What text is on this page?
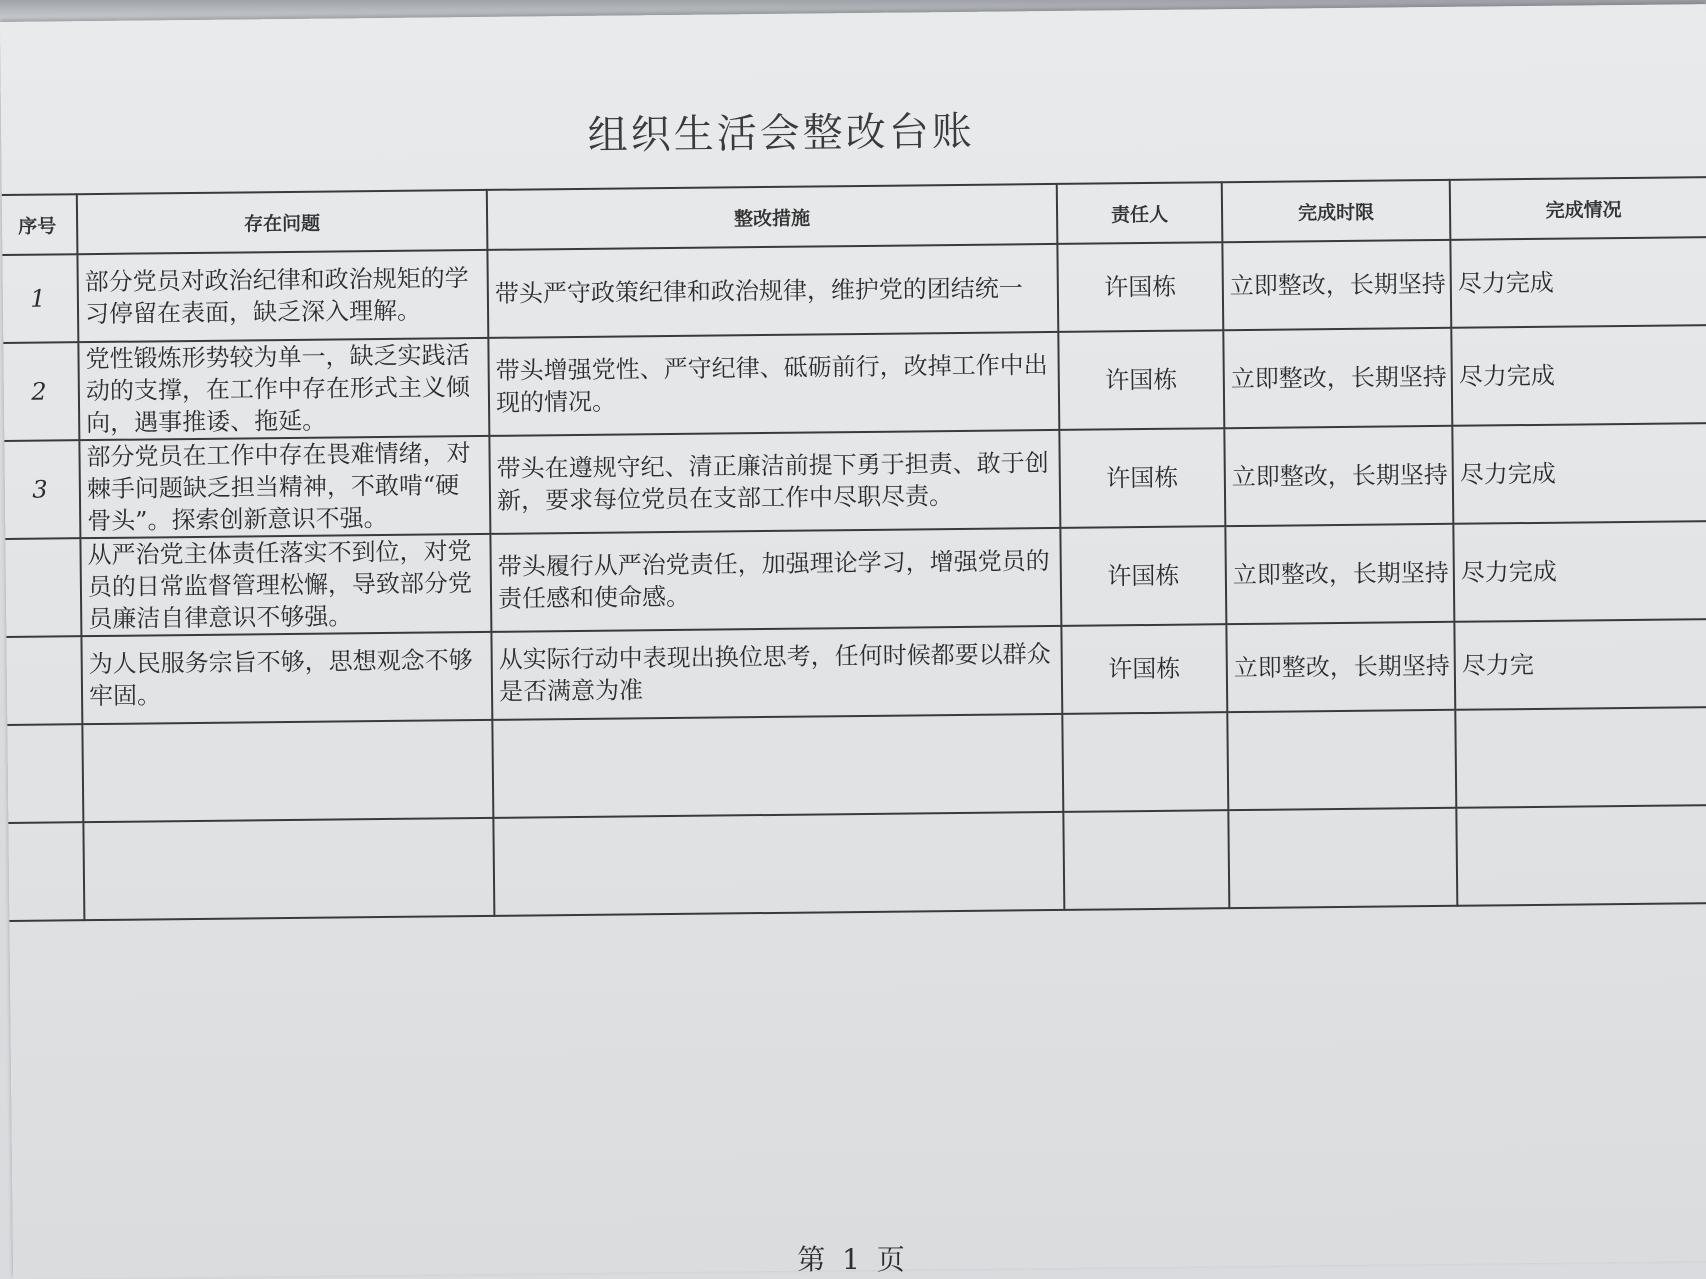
组织生活会整改台账
序号	存在问题	整改措施	责任人	完成时限	完成情况
1	部分党员对政治纪律和政治规矩的学习停留在表面，缺乏深入理解。	带头严守政策纪律和政治规律，维护党的团结统一	许国栋	立即整改，长期坚持	尽力完成
2	党性锻炼形势较为单一，缺乏实践活动的支撑，在工作中存在形式主义倾向，遇事推诿、拖延。	带头增强党性、严守纪律、砥砺前行，改掉工作中出现的情况。	许国栋	立即整改，长期坚持	尽力完成
3	部分党员在工作中存在畏难情绪，对棘手问题缺乏担当精神，不敢啃“硬骨头”。探索创新意识不强。	带头在遵规守纪、清正廉洁前提下勇于担责、敢于创新，要求每位党员在支部工作中尽职尽责。	许国栋	立即整改，长期坚持	尽力完成
	从严治党主体责任落实不到位，对党员的日常监督管理松懈，导致部分党员廉洁自律意识不够强。	带头履行从严治党责任，加强理论学习，增强党员的责任感和使命感。	许国栋	立即整改，长期坚持	尽力完成
	为人民服务宗旨不够，思想观念不够牢固。	从实际行动中表现出换位思考，任何时候都要以群众是否满意为准	许国栋	立即整改，长期坚持	尽力完

第 1 页
